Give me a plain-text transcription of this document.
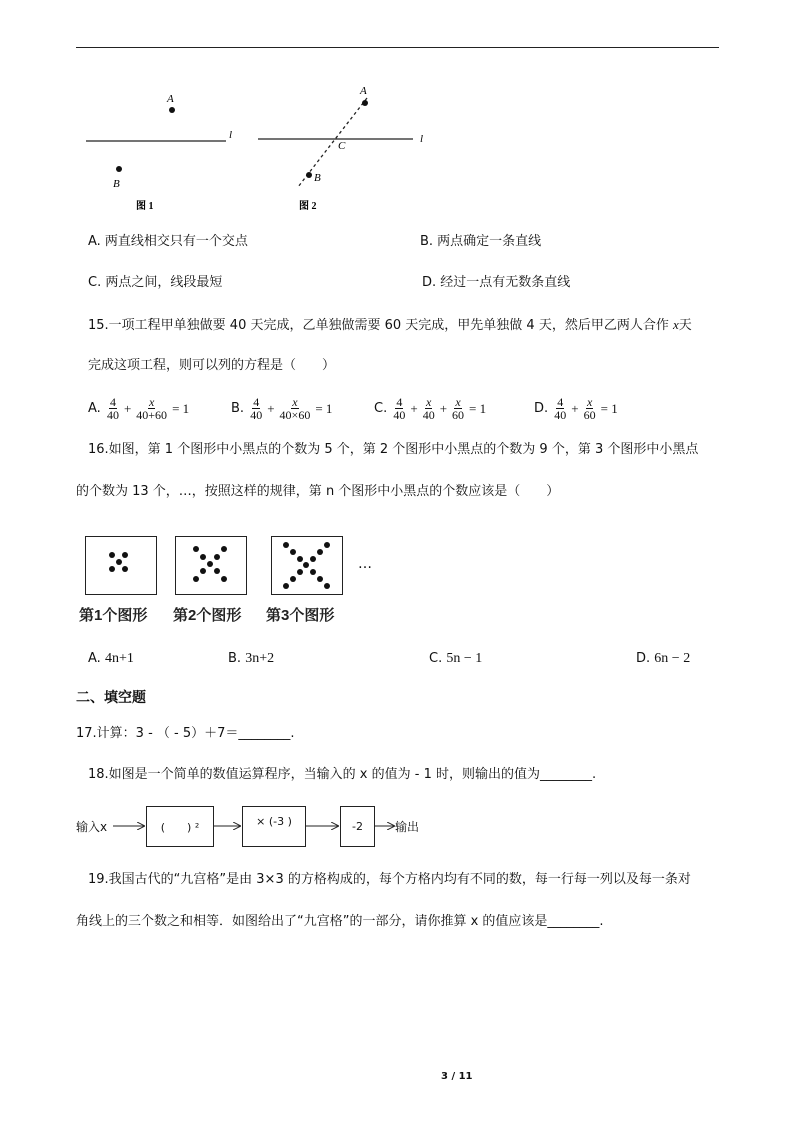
A
B
l
图 1
A
B
C
l
图 2
A. 两直线相交只有一个交点	B. 两点确定一条直线
C. 两点之间，线段最短	D. 经过一点有无数条直线
15.一项工程甲单独做要 40 天完成，乙单独做需要 60 天完成，甲先单独做 4 天，然后甲乙两人合作 x天
完成这项工程，则可以列的方程是（　　）
A.
$\frac{4}{40} + \frac{x}{40+60} = 1$	B.
$\frac{4}{40} + \frac{x}{40\times 60} = 1$	C.
$\frac{4}{40} + \frac{x}{40} + \frac{x}{60} = 1$	D.
$\frac{4}{40} + \frac{x}{60} = 1$
16.如图，第 1 个图形中小黑点的个数为 5 个，第 2 个图形中小黑点的个数为 9 个，第 3 个图形中小黑点
的个数为 13 个，…，按照这样的规律，第 n 个图形中小黑点的个数应该是（　　）
…
第1个图形 第2个图形 第3个图形
A. 4n+1	B. 3n+2	C. 5n − 1	D. 6n − 2
二、填空题
17.计算：3 - （ - 5）＋7＝________.
18.如图是一个简单的数值运算程序，当输入的 x 的值为 - 1 时，则输出的值为________.
输入x	(　　) ²	× (-3 )	-2	输出
19.我国古代的“九宫格”是由 3×3 的方格构成的，每个方格内均有不同的数，每一行每一列以及每一条对
角线上的三个数之和相等．如图给出了“九宫格”的一部分，请你推算 x 的值应该是________.
3 / 11
